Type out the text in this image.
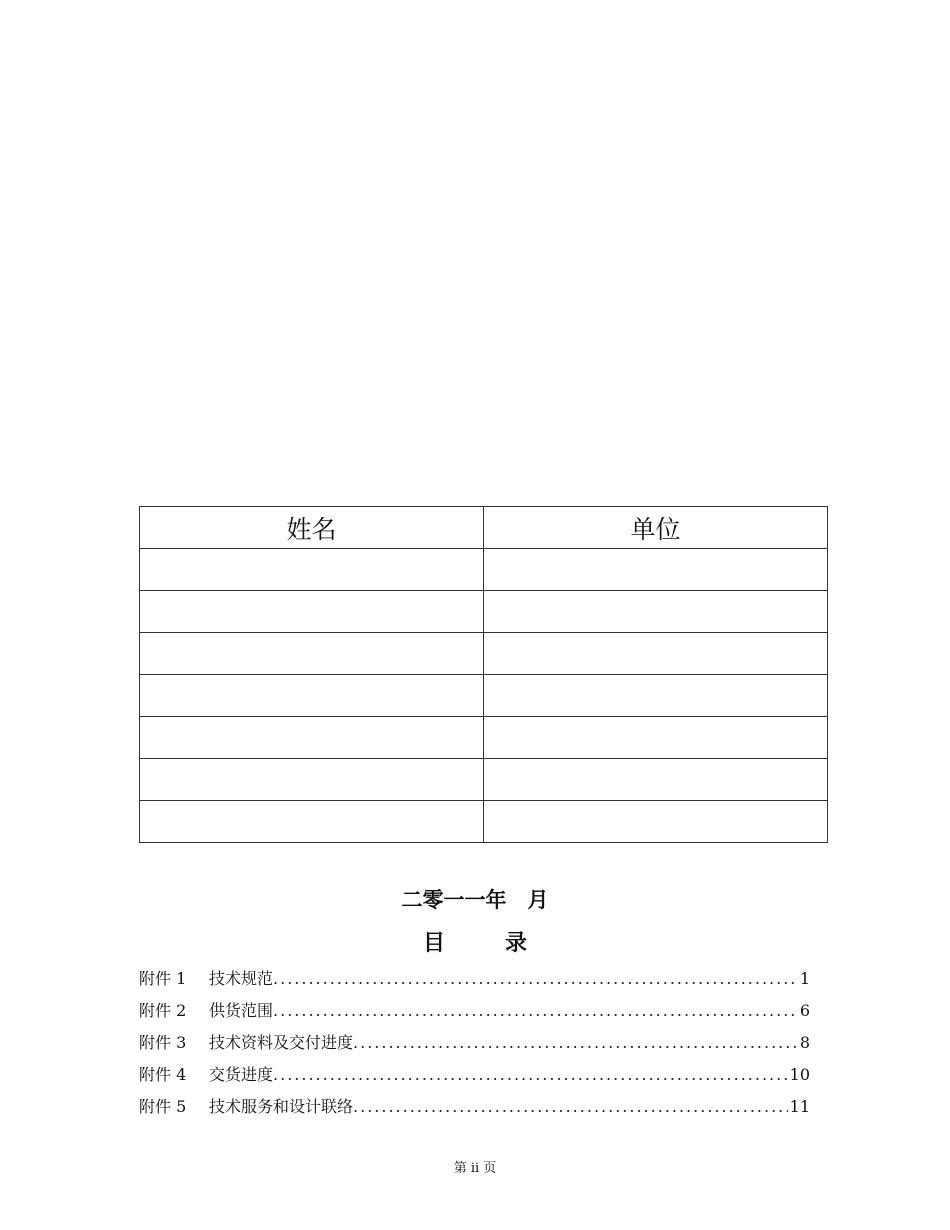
姓名	单位

二零一一年　月
目	录
附件 1	技术规范 .....	1
附件 2	供货范围 .....	6
附件 3	技术资料及交付进度 .....	8
附件 4	交货进度 .....	10
附件 5	技术服务和设计联络 .....	11
第 ii 页
